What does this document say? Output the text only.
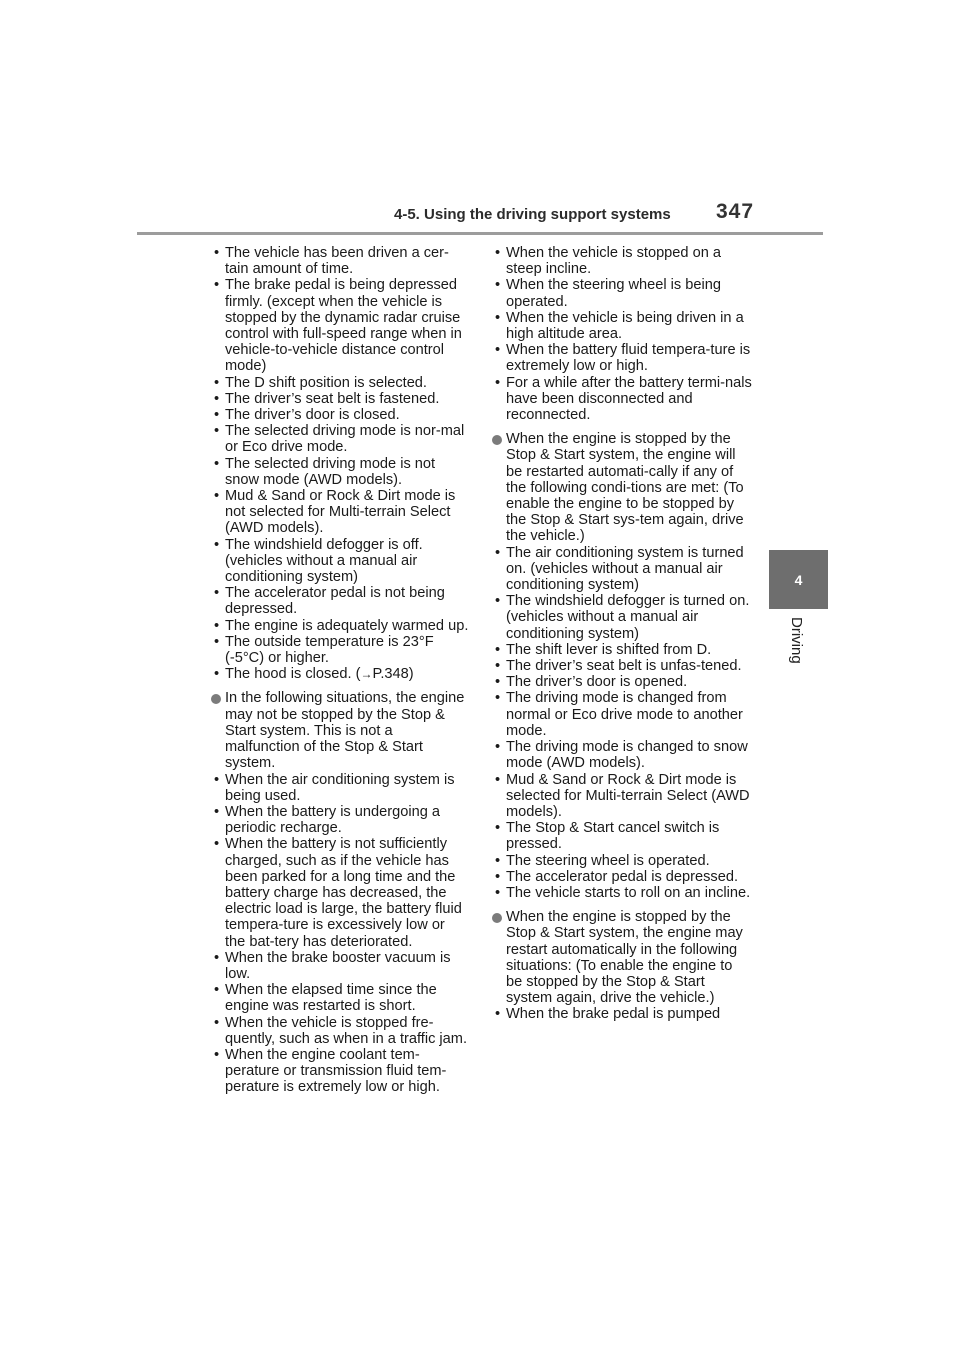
4-5. Using the driving support systems 347
4
Driving
• The vehicle has been driven a cer-tain amount of time.
• The brake pedal is being depressed firmly. (except when the vehicle is stopped by the dynamic radar cruise control with full-speed range when in vehicle-to-vehicle distance control mode)
• The D shift position is selected.
• The driver’s seat belt is fastened.
• The driver’s door is closed.
• The selected driving mode is nor-mal or Eco drive mode.
• The selected driving mode is not snow mode (AWD models).
• Mud & Sand or Rock & Dirt mode is not selected for Multi-terrain Select (AWD models).
• The windshield defogger is off. (vehicles without a manual air conditioning system)
• The accelerator pedal is not being depressed.
• The engine is adequately warmed up.
• The outside temperature is 23°F (-5°C) or higher.
• The hood is closed. (→P.348)
In the following situations, the engine may not be stopped by the Stop & Start system. This is not a malfunction of the Stop & Start system.
• When the air conditioning system is being used.
• When the battery is undergoing a periodic recharge.
• When the battery is not sufficiently charged, such as if the vehicle has been parked for a long time and the battery charge has decreased, the electric load is large, the battery fluid tempera-ture is excessively low or the bat-tery has deteriorated.
• When the brake booster vacuum is low.
• When the elapsed time since the engine was restarted is short.
• When the vehicle is stopped fre-quently, such as when in a traffic jam.
• When the engine coolant tem-perature or transmission fluid tem-perature is extremely low or high.
• When the vehicle is stopped on a steep incline.
• When the steering wheel is being operated.
• When the vehicle is being driven in a high altitude area.
• When the battery fluid tempera-ture is extremely low or high.
• For a while after the battery termi-nals have been disconnected and reconnected.
When the engine is stopped by the Stop & Start system, the engine will be restarted automati-cally if any of the following condi-tions are met: (To enable the engine to be stopped by the Stop & Start sys-tem again, drive the vehicle.)
• The air conditioning system is turned on. (vehicles without a manual air conditioning system)
• The windshield defogger is turned on. (vehicles without a manual air conditioning system)
• The shift lever is shifted from D.
• The driver’s seat belt is unfas-tened.
• The driver’s door is opened.
• The driving mode is changed from normal or Eco drive mode to another mode.
• The driving mode is changed to snow mode (AWD models).
• Mud & Sand or Rock & Dirt mode is selected for Multi-terrain Select (AWD models).
• The Stop & Start cancel switch is pressed.
• The steering wheel is operated.
• The accelerator pedal is depressed.
• The vehicle starts to roll on an incline.
When the engine is stopped by the Stop & Start system, the engine may restart automatically in the following situations: (To enable the engine to be stopped by the Stop & Start system again, drive the vehicle.)
• When the brake pedal is pumped
